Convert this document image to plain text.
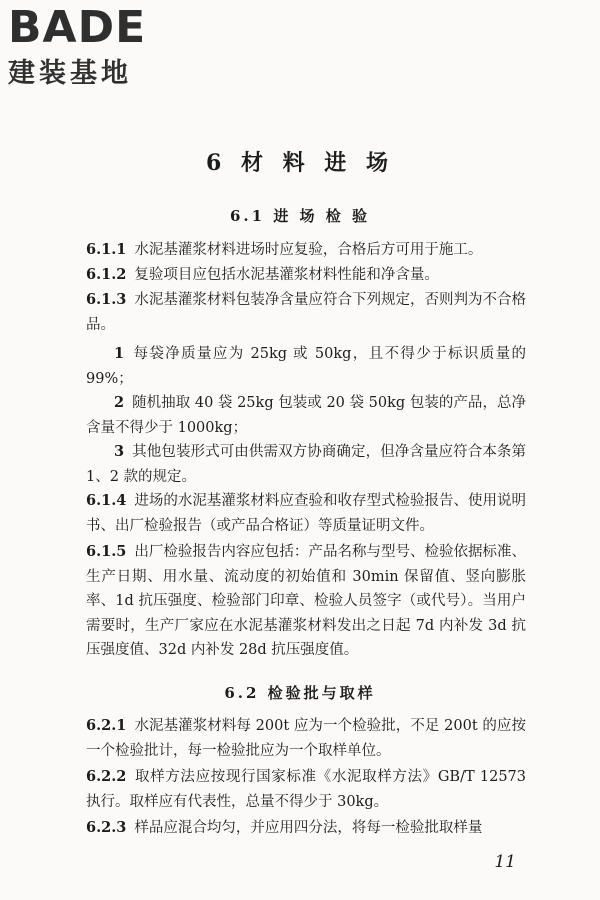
BADE
建装基地
6 材 料 进 场
6.1 进 场 检 验
6.1.1 水泥基灌浆材料进场时应复验，合格后方可用于施工。
6.1.2 复验项目应包括水泥基灌浆材料性能和净含量。
6.1.3 水泥基灌浆材料包装净含量应符合下列规定，否则判为不合格品。
1 每袋净质量应为 25kg 或 50kg，且不得少于标识质量的 99%；
2 随机抽取 40 袋 25kg 包装或 20 袋 50kg 包装的产品，总净含量不得少于 1000kg；
3 其他包装形式可由供需双方协商确定，但净含量应符合本条第 1、2 款的规定。
6.1.4 进场的水泥基灌浆材料应查验和收存型式检验报告、使用说明书、出厂检验报告（或产品合格证）等质量证明文件。
6.1.5 出厂检验报告内容应包括：产品名称与型号、检验依据标准、生产日期、用水量、流动度的初始值和 30min 保留值、竖向膨胀率、1d 抗压强度、检验部门印章、检验人员签字（或代号）。当用户需要时，生产厂家应在水泥基灌浆材料发出之日起 7d 内补发 3d 抗压强度值、32d 内补发 28d 抗压强度值。
6.2 检验批与取样
6.2.1 水泥基灌浆材料每 200t 应为一个检验批，不足 200t 的应按一个检验批计，每一检验批应为一个取样单位。
6.2.2 取样方法应按现行国家标准《水泥取样方法》GB/T 12573 执行。取样应有代表性，总量不得少于 30kg。
6.2.3 样品应混合均匀，并应用四分法，将每一检验批取样量
11
